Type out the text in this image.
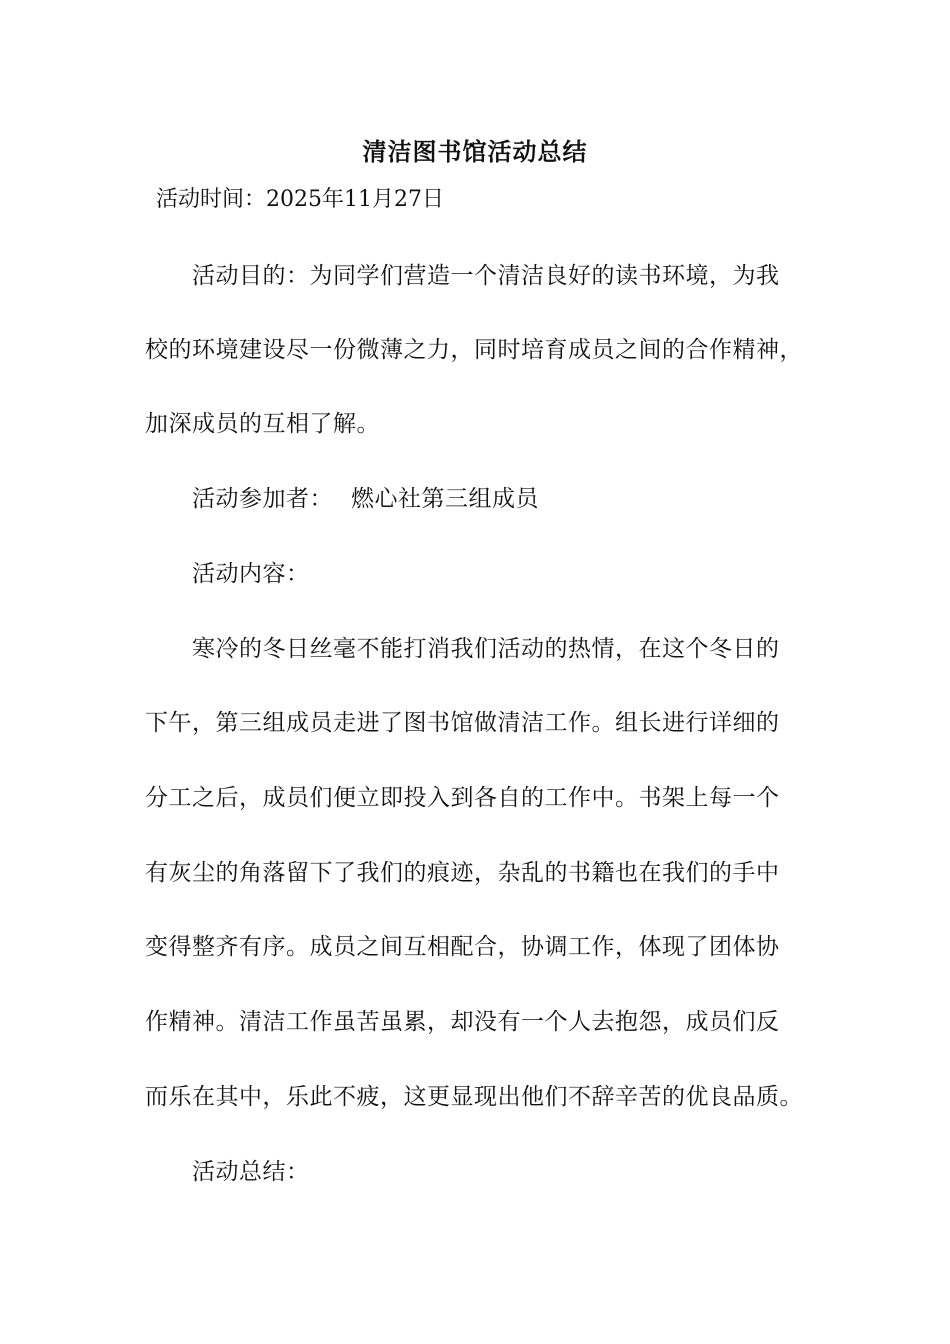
清洁图书馆活动总结
活动时间：2025年11月27日
活动目的：为同学们营造一个清洁良好的读书环境，为我
校的环境建设尽一份微薄之力，同时培育成员之间的合作精神，
加深成员的互相了解。
活动参加者： 燃心社第三组成员
活动内容：
寒冷的冬日丝毫不能打消我们活动的热情，在这个冬日的
下午，第三组成员走进了图书馆做清洁工作。组长进行详细的
分工之后，成员们便立即投入到各自的工作中。书架上每一个
有灰尘的角落留下了我们的痕迹，杂乱的书籍也在我们的手中
变得整齐有序。成员之间互相配合，协调工作，体现了团体协
作精神。清洁工作虽苦虽累，却没有一个人去抱怨，成员们反
而乐在其中，乐此不疲，这更显现出他们不辞辛苦的优良品质。
活动总结：
